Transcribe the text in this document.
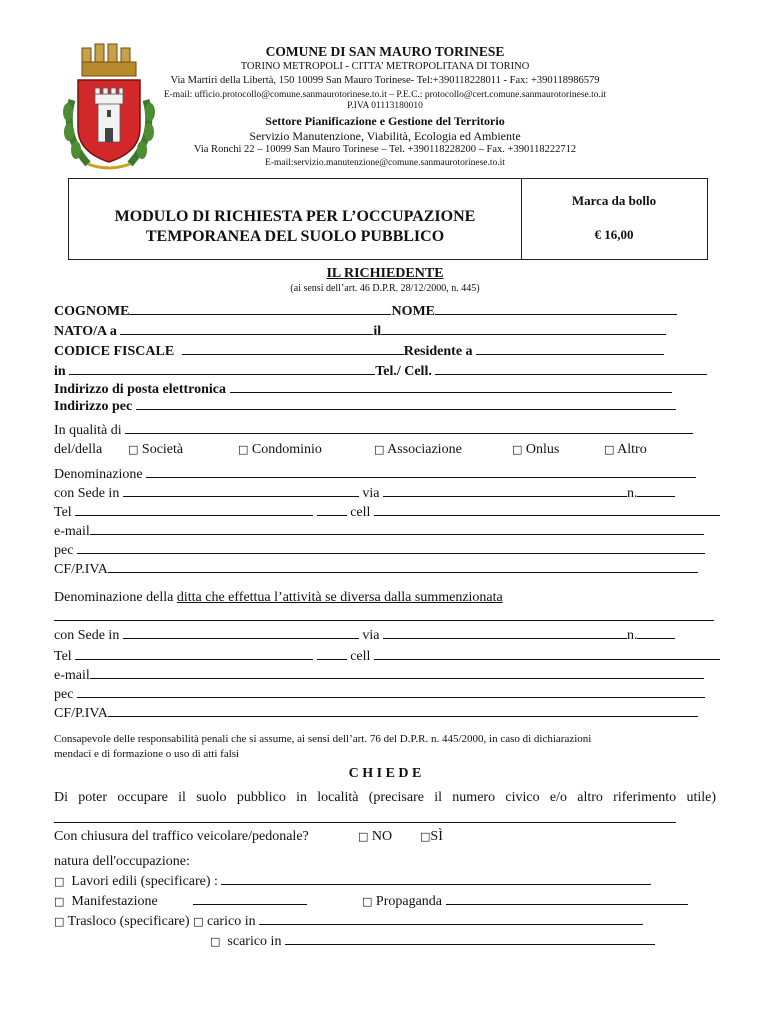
COMUNE DI SAN MAURO TORINESE
TORINO METROPOLI - CITTA’ METROPOLITANA DI TORINO
Via Martiri della Libertà, 150 10099 San Mauro Torinese- Tel:+390118228011 - Fax: +390118986579
E-mail: ufficio.protocollo@comune.sanmaurotorinese.to.it – P.E.C.: protocollo@cert.comune.sanmaurotorinese.to.it
P.IVA 01113180010
Settore Pianificazione e Gestione del Territorio
Servizio Manutenzione, Viabilità, Ecologia ed Ambiente
Via Ronchi 22 – 10099 San Mauro Torinese – Tel. +390118228200 – Fax. +390118222712
E-mail:servizio.manutenzione@comune.sanmaurotorinese.to.it
MODULO DI RICHIESTA PER L’OCCUPAZIONE
TEMPORANEA DEL SUOLO PUBBLICO
Marca da bollo
€ 16,00
IL RICHIEDENTE
(ai sensi dell’art. 46 D.P.R. 28/12/2000, n. 445)
COGNOME	NOME
NATO/A a	il
CODICE FISCALE	Residente a
in	Tel./ Cell.
Indirizzo di posta elettronica
Indirizzo pec
In qualità di
del/della □ Società	□ Condominio	□ Associazione	□ Onlus	□ Altro
Denominazione
con Sede in	via	n.
Tel	cell
e-mail
pec
CF/P.IVA
Denominazione della ditta che effettua l’attività se diversa dalla summenzionata
con Sede in	via	n.
Tel	cell
e-mail
pec
CF/P.IVA
Consapevole delle responsabilità penali che si assume, ai sensi dell’art. 76 del D.P.R. n. 445/2000, in caso di dichiarazioni
mendaci e di formazione o uso di atti falsi
C H I E D E
Di poter occupare il suolo pubblico in località (precisare il numero civico e/o altro riferimento utile)
Con chiusura del traffico veicolare/pedonale?	□ NO	□SÌ
natura dell'occupazione:
□ Lavori edili (specificare) :
□ Manifestazione	□ Propaganda
□ Trasloco (specificare) □ carico in
□ scarico in
